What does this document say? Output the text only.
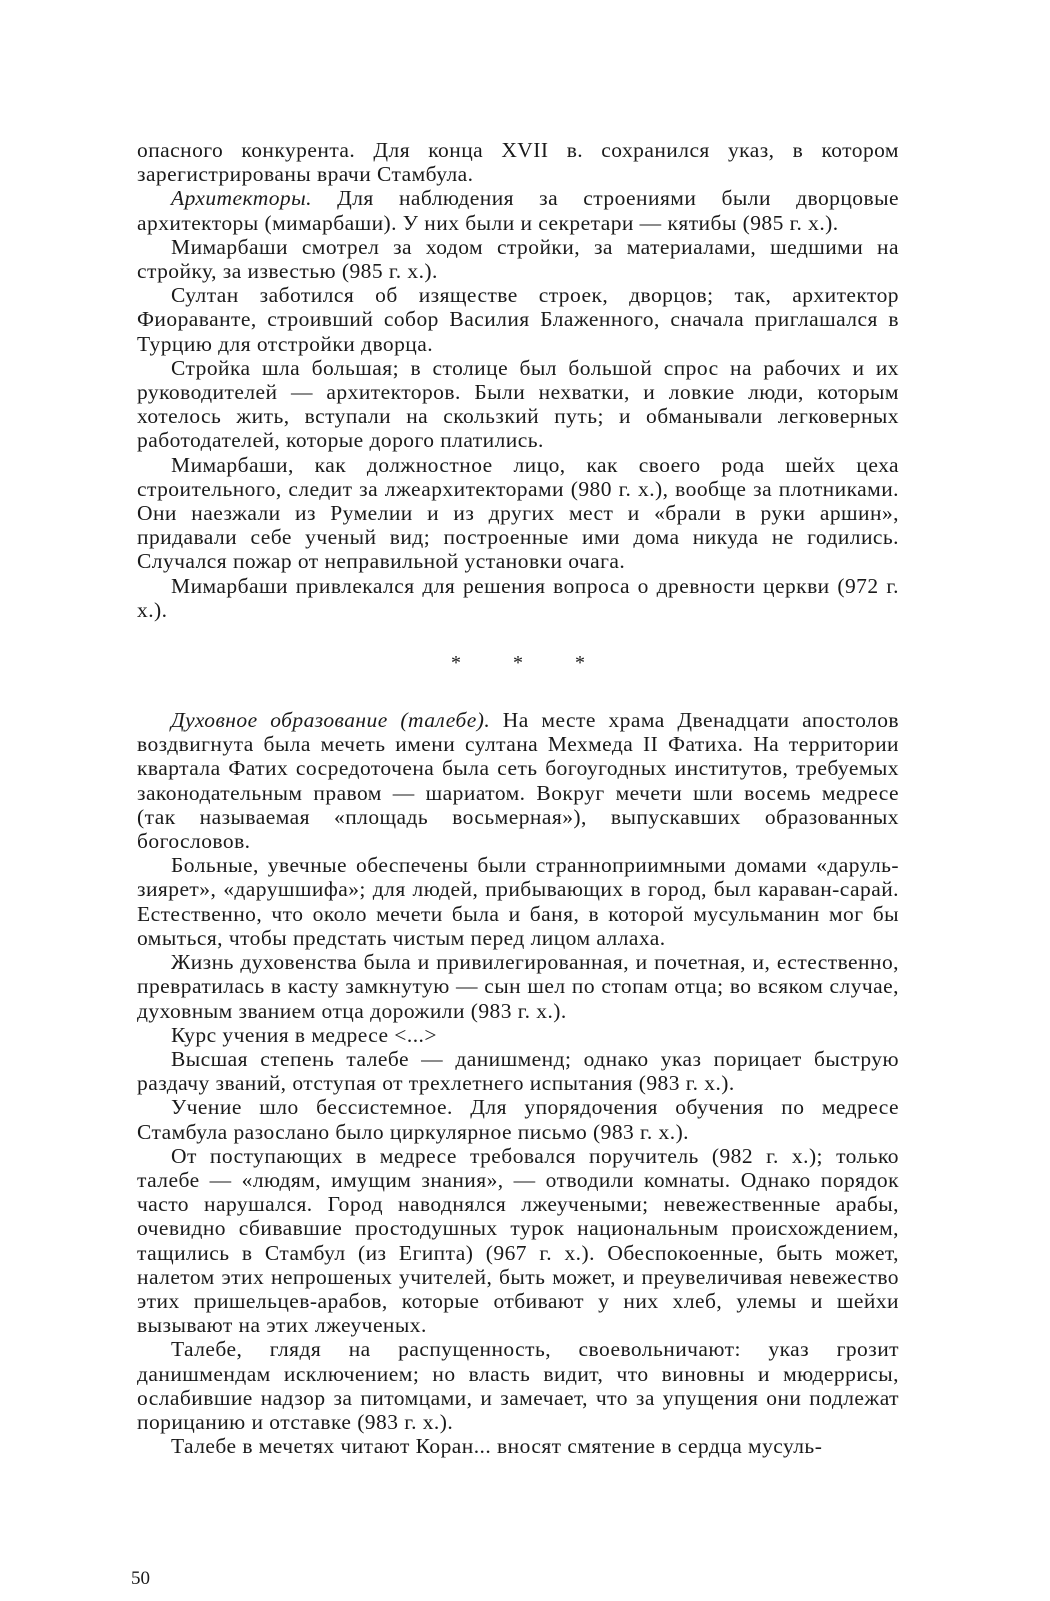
опасного конкурента. Для конца XVII в. сохранился указ, в котором зарегистрированы врачи Стамбула.

Архитекторы. Для наблюдения за строениями были дворцовые архитекторы (мимарбаши). У них были и секретари — кятибы (985 г. х.).

Мимарбаши смотрел за ходом стройки, за материалами, шедшими на стройку, за известью (985 г. х.).

Султан заботился об изяществе строек, дворцов; так, архитектор Фиораванте, строивший собор Василия Блаженного, сначала приглашался в Турцию для отстройки дворца.

Стройка шла большая; в столице был большой спрос на рабочих и их руководителей — архитекторов. Были нехватки, и ловкие люди, которым хотелось жить, вступали на скользкий путь; и обманывали легковерных работодателей, которые дорого платились.

Мимарбаши, как должностное лицо, как своего рода шейх цеха строительного, следит за лжеархитекторами (980 г. х.), вообще за плотниками. Они наезжали из Румелии и из других мест и «брали в руки аршин», придавали себе ученый вид; построенные ими дома никуда не годились. Случался пожар от неправильной установки очага.

Мимарбаши привлекался для решения вопроса о древности церкви (972 г. х.).

*	*	*

Духовное образование (талебе). На месте храма Двенадцати апостолов воздвигнута была мечеть имени султана Мехмеда II Фатиха. На территории квартала Фатих сосредоточена была сеть богоугодных институтов, требуемых законодательным правом — шариатом. Вокруг мечети шли восемь медресе (так называемая «площадь восьмерная»), выпускавших образованных богословов.

Больные, увечные обеспечены были странноприимными домами «даруль-зиярет», «дарушшифа»; для людей, прибывающих в город, был караван-сарай. Естественно, что около мечети была и баня, в которой мусульманин мог бы омыться, чтобы предстать чистым перед лицом аллаха.

Жизнь духовенства была и привилегированная, и почетная, и, естественно, превратилась в касту замкнутую — сын шел по стопам отца; во всяком случае, духовным званием отца дорожили (983 г. х.).

Курс учения в медресе <...>

Высшая степень талебе — данишменд; однако указ порицает быструю раздачу званий, отступая от трехлетнего испытания (983 г. х.).

Учение шло бессистемное. Для упорядочения обучения по медресе Стамбула разослано было циркулярное письмо (983 г. х.).

От поступающих в медресе требовался поручитель (982 г. х.); только талебе — «людям, имущим знания», — отводили комнаты. Однако порядок часто нарушался. Город наводнялся лжеучеными; невежественные арабы, очевидно сбивавшие простодушных турок национальным происхождением, тащились в Стамбул (из Египта) (967 г. х.). Обеспокоенные, быть может, налетом этих непрошеных учителей, быть может, и преувеличивая невежество этих пришельцев-арабов, которые отбивают у них хлеб, улемы и шейхи вызывают на этих лжеученых.

Талебе, глядя на распущенность, своевольничают: указ грозит данишмендам исключением; но власть видит, что виновны и мюдеррисы, ослабившие надзор за питомцами, и замечает, что за упущения они подлежат порицанию и отставке (983 г. х.).

Талебе в мечетях читают Коран... вносят смятение в сердца мусуль-

50
